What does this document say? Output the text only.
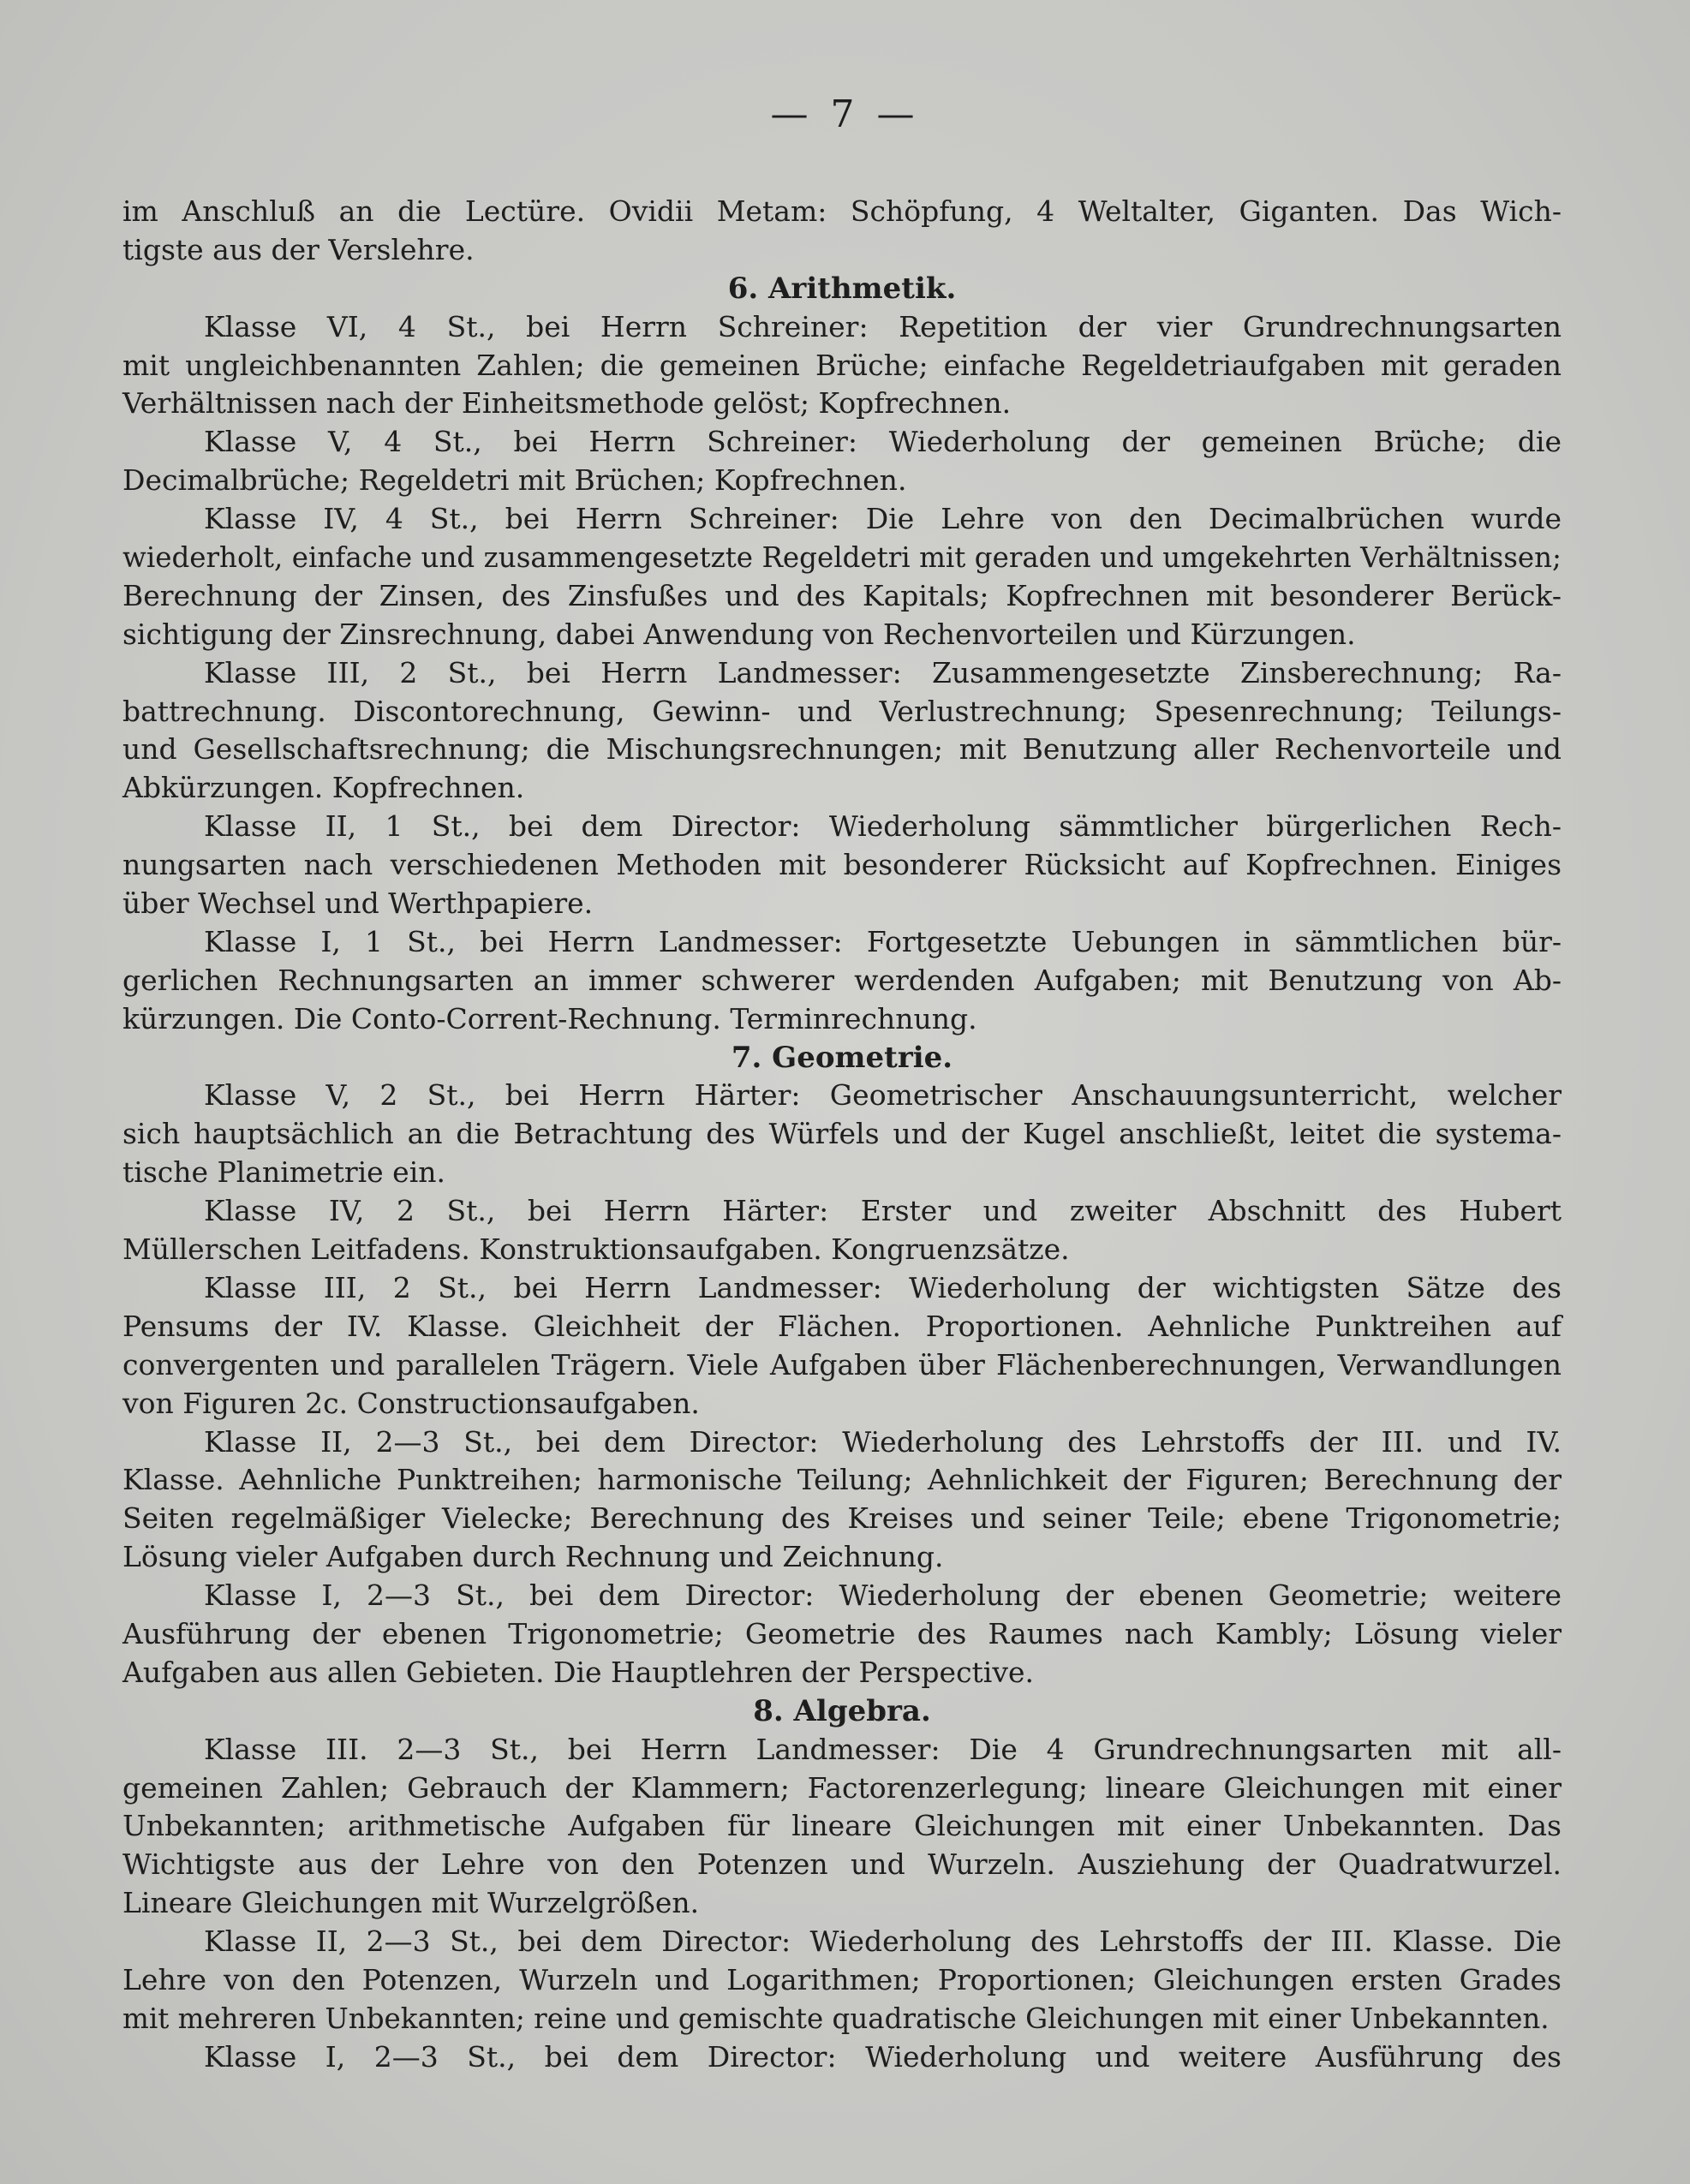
— 7 —
im Anschluß an die Lectüre. Ovidii Metam: Schöpfung, 4 Weltalter, Giganten. Das Wich-
tigste aus der Verslehre.
6. Arithmetik.
Klasse VI, 4 St., bei Herrn Schreiner: Repetition der vier Grundrechnungsarten
mit ungleichbenannten Zahlen; die gemeinen Brüche; einfache Regeldetriaufgaben mit geraden
Verhältnissen nach der Einheitsmethode gelöst; Kopfrechnen.
Klasse V, 4 St., bei Herrn Schreiner: Wiederholung der gemeinen Brüche; die
Decimalbrüche; Regeldetri mit Brüchen; Kopfrechnen.
Klasse IV, 4 St., bei Herrn Schreiner: Die Lehre von den Decimalbrüchen wurde
wiederholt, einfache und zusammengesetzte Regeldetri mit geraden und umgekehrten Verhältnissen;
Berechnung der Zinsen, des Zinsfußes und des Kapitals; Kopfrechnen mit besonderer Berück-
sichtigung der Zinsrechnung, dabei Anwendung von Rechenvorteilen und Kürzungen.
Klasse III, 2 St., bei Herrn Landmesser: Zusammengesetzte Zinsberechnung; Ra-
battrechnung. Discontorechnung, Gewinn- und Verlustrechnung; Spesenrechnung; Teilungs-
und Gesellschaftsrechnung; die Mischungsrechnungen; mit Benutzung aller Rechenvorteile und
Abkürzungen. Kopfrechnen.
Klasse II, 1 St., bei dem Director: Wiederholung sämmtlicher bürgerlichen Rech-
nungsarten nach verschiedenen Methoden mit besonderer Rücksicht auf Kopfrechnen. Einiges
über Wechsel und Werthpapiere.
Klasse I, 1 St., bei Herrn Landmesser: Fortgesetzte Uebungen in sämmtlichen bür-
gerlichen Rechnungsarten an immer schwerer werdenden Aufgaben; mit Benutzung von Ab-
kürzungen. Die Conto-Corrent-Rechnung. Terminrechnung.
7. Geometrie.
Klasse V, 2 St., bei Herrn Härter: Geometrischer Anschauungsunterricht, welcher
sich hauptsächlich an die Betrachtung des Würfels und der Kugel anschließt, leitet die systema-
tische Planimetrie ein.
Klasse IV, 2 St., bei Herrn Härter: Erster und zweiter Abschnitt des Hubert
Müllerschen Leitfadens. Konstruktionsaufgaben. Kongruenzsätze.
Klasse III, 2 St., bei Herrn Landmesser: Wiederholung der wichtigsten Sätze des
Pensums der IV. Klasse. Gleichheit der Flächen. Proportionen. Aehnliche Punktreihen auf
convergenten und parallelen Trägern. Viele Aufgaben über Flächenberechnungen, Verwandlungen
von Figuren 2c. Constructionsaufgaben.
Klasse II, 2—3 St., bei dem Director: Wiederholung des Lehrstoffs der III. und IV.
Klasse. Aehnliche Punktreihen; harmonische Teilung; Aehnlichkeit der Figuren; Berechnung der
Seiten regelmäßiger Vielecke; Berechnung des Kreises und seiner Teile; ebene Trigonometrie;
Lösung vieler Aufgaben durch Rechnung und Zeichnung.
Klasse I, 2—3 St., bei dem Director: Wiederholung der ebenen Geometrie; weitere
Ausführung der ebenen Trigonometrie; Geometrie des Raumes nach Kambly; Lösung vieler
Aufgaben aus allen Gebieten. Die Hauptlehren der Perspective.
8. Algebra.
Klasse III. 2—3 St., bei Herrn Landmesser: Die 4 Grundrechnungsarten mit all-
gemeinen Zahlen; Gebrauch der Klammern; Factorenzerlegung; lineare Gleichungen mit einer
Unbekannten; arithmetische Aufgaben für lineare Gleichungen mit einer Unbekannten. Das
Wichtigste aus der Lehre von den Potenzen und Wurzeln. Ausziehung der Quadratwurzel.
Lineare Gleichungen mit Wurzelgrößen.
Klasse II, 2—3 St., bei dem Director: Wiederholung des Lehrstoffs der III. Klasse. Die
Lehre von den Potenzen, Wurzeln und Logarithmen; Proportionen; Gleichungen ersten Grades
mit mehreren Unbekannten; reine und gemischte quadratische Gleichungen mit einer Unbekannten.
Klasse I, 2—3 St., bei dem Director: Wiederholung und weitere Ausführung des
